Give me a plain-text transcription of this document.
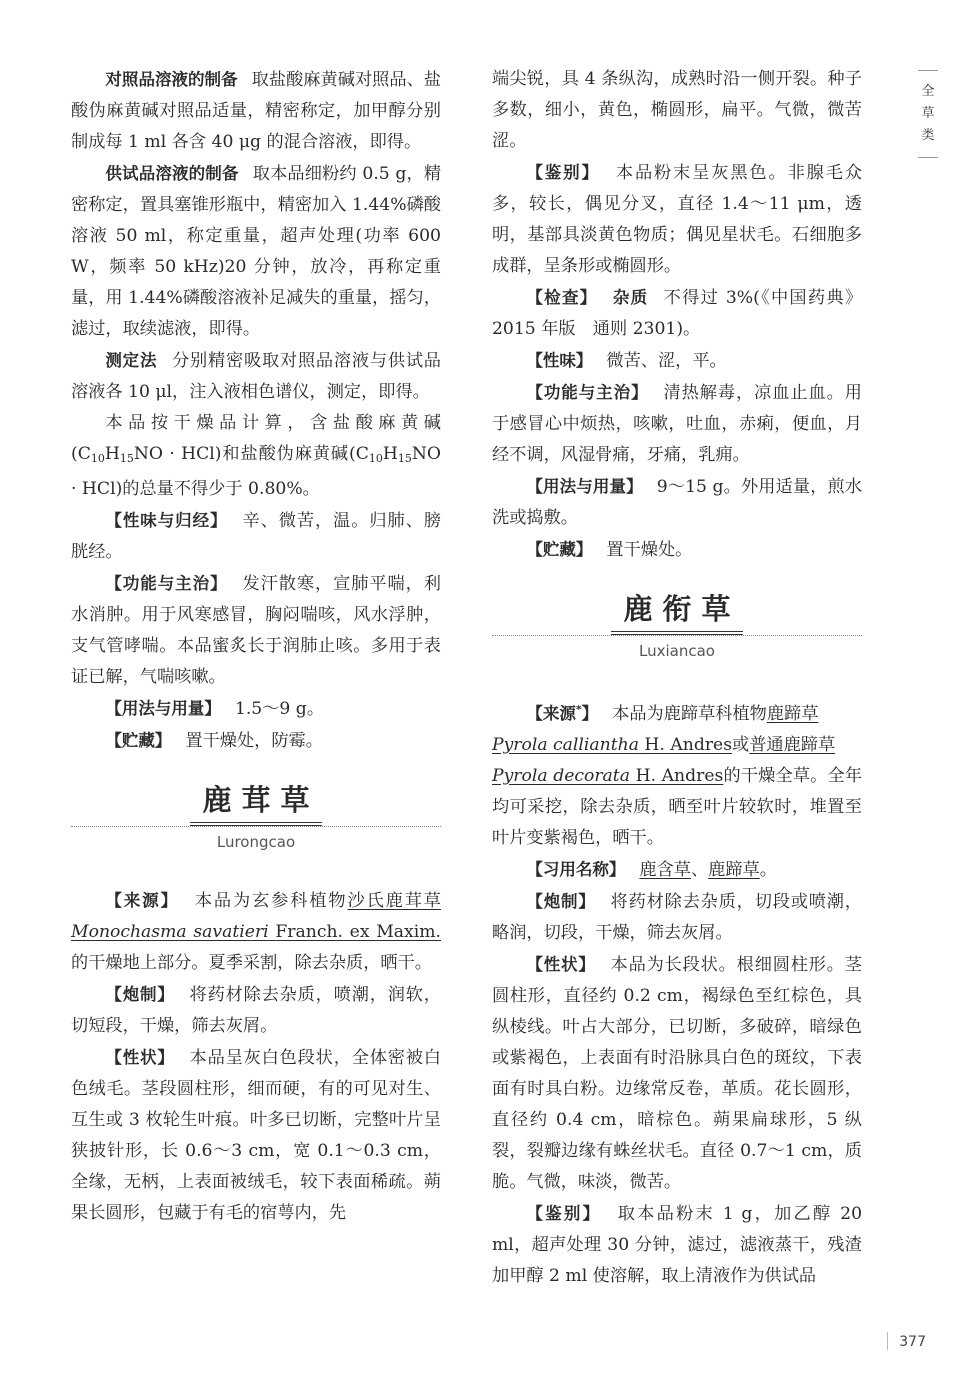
全
草
类

对照品溶液的制备 取盐酸麻黄碱对照品、盐酸伪麻黄碱对照品适量，精密称定，加甲醇分别制成每 1 ml 各含 40 μg 的混合溶液，即得。

供试品溶液的制备 取本品细粉约 0.5 g，精密称定，置具塞锥形瓶中，精密加入 1.44%磷酸溶液 50 ml，称定重量，超声处理(功率 600 W，频率 50 kHz)20 分钟，放冷，再称定重量，用 1.44%磷酸溶液补足减失的重量，摇匀，滤过，取续滤液，即得。

测定法 分别精密吸取对照品溶液与供试品溶液各 10 μl，注入液相色谱仪，测定，即得。

本品按干燥品计算，含盐酸麻黄碱$(C_{10}H_{15}NO \cdot HCl)$和盐酸伪麻黄碱$(C_{10}H_{15}NO \cdot HCl)$的总量不得少于 0.80%。

【性味与归经】 辛、微苦，温。归肺、膀胱经。

【功能与主治】 发汗散寒，宣肺平喘，利水消肿。用于风寒感冒，胸闷喘咳，风水浮肿，支气管哮喘。本品蜜炙长于润肺止咳。多用于表证已解，气喘咳嗽。

【用法与用量】 1.5～9 g。

【贮藏】 置干燥处，防霉。

鹿茸草
Lurongcao

【来源】 本品为玄参科植物沙氏鹿茸草Monochasma savatieri Franch. ex Maxim.的干燥地上部分。夏季采割，除去杂质，晒干。

【炮制】 将药材除去杂质，喷潮，润软，切短段，干燥，筛去灰屑。

【性状】 本品呈灰白色段状，全体密被白色绒毛。茎段圆柱形，细而硬，有的可见对生、互生或 3 枚轮生叶痕。叶多已切断，完整叶片呈狭披针形，长 0.6～3 cm，宽 0.1～0.3 cm，全缘，无柄，上表面被绒毛，较下表面稀疏。蒴果长圆形，包藏于有毛的宿萼内，先

端尖锐，具 4 条纵沟，成熟时沿一侧开裂。种子多数，细小，黄色，椭圆形，扁平。气微，微苦涩。

【鉴别】 本品粉末呈灰黑色。非腺毛众多，较长，偶见分叉，直径 1.4～11 μm，透明，基部具淡黄色物质；偶见星状毛。石细胞多成群，呈条形或椭圆形。

【检查】 杂质 不得过 3%(《中国药典》2015 年版　通则 2301)。

【性味】 微苦、涩，平。

【功能与主治】 清热解毒，凉血止血。用于感冒心中烦热，咳嗽，吐血，赤痢，便血，月经不调，风湿骨痛，牙痛，乳痈。

【用法与用量】 9～15 g。外用适量，煎水洗或捣敷。

【贮藏】 置干燥处。

鹿衔草
Luxiancao

【来源*】 本品为鹿蹄草科植物鹿蹄草
Pyrola calliantha H. Andres或普通鹿蹄草
Pyrola decorata H. Andres的干燥全草。全年均可采挖，除去杂质，晒至叶片较软时，堆置至叶片变紫褐色，晒干。

【习用名称】 鹿含草、鹿蹄草。

【炮制】 将药材除去杂质，切段或喷潮，略润，切段，干燥，筛去灰屑。

【性状】 本品为长段状。根细圆柱形。茎圆柱形，直径约 0.2 cm，褐绿色至红棕色，具纵棱线。叶占大部分，已切断，多破碎，暗绿色或紫褐色，上表面有时沿脉具白色的斑纹，下表面有时具白粉。边缘常反卷，革质。花长圆形，直径约 0.4 cm，暗棕色。蒴果扁球形，5 纵裂，裂瓣边缘有蛛丝状毛。直径 0.7～1 cm，质脆。气微，味淡，微苦。

【鉴别】 取本品粉末 1 g，加乙醇 20 ml，超声处理 30 分钟，滤过，滤液蒸干，残渣加甲醇 2 ml 使溶解，取上清液作为供试品

377
